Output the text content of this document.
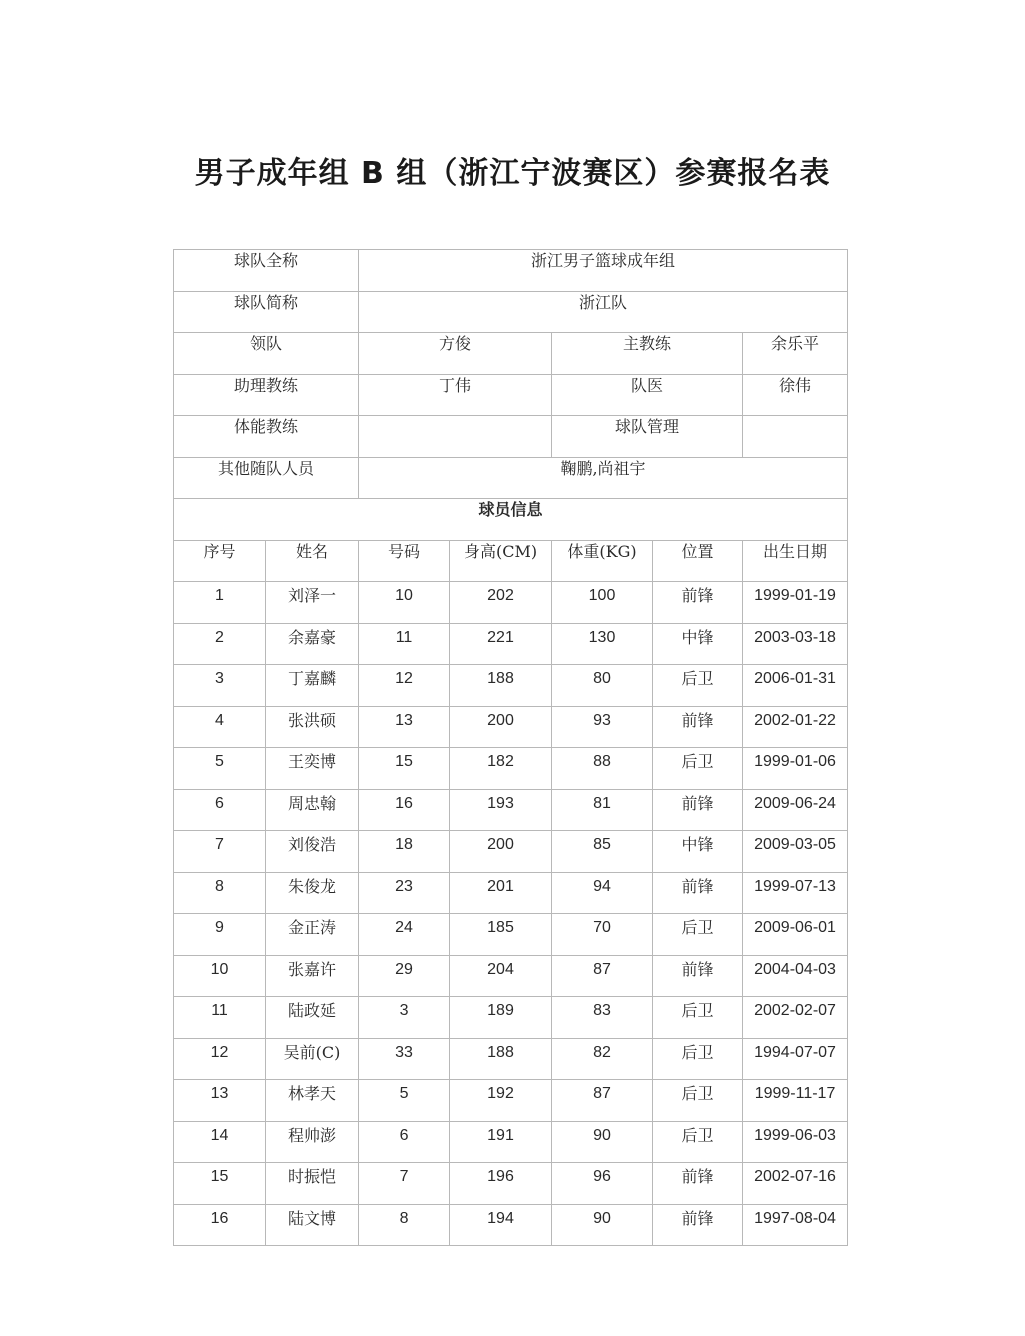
男子成年组 B 组（浙江宁波赛区）参赛报名表
球队全称		浙江男子篮球成年组				
球队简称		浙江队				
领队		方俊		主教练		余乐平
助理教练		丁伟		队医		徐伟
体能教练				球队管理		
其他随队人员		鞠鹏,尚祖宇				
球员信息						
序号	姓名	号码	身高(CM)	体重(KG)	位置	出生日期
1	刘泽一	10	202	100	前锋	1999-01-19
2	余嘉豪	11	221	130	中锋	2003-03-18
3	丁嘉麟	12	188	80	后卫	2006-01-31
4	张洪硕	13	200	93	前锋	2002-01-22
5	王奕博	15	182	88	后卫	1999-01-06
6	周忠翰	16	193	81	前锋	2009-06-24
7	刘俊浩	18	200	85	中锋	2009-03-05
8	朱俊龙	23	201	94	前锋	1999-07-13
9	金正涛	24	185	70	后卫	2009-06-01
10	张嘉许	29	204	87	前锋	2004-04-03
11	陆政延	3	189	83	后卫	2002-02-07
12	吴前(C)	33	188	82	后卫	1994-07-07
13	林孝天	5	192	87	后卫	1999-11-17
14	程帅澎	6	191	90	后卫	1999-06-03
15	时振恺	7	196	96	前锋	2002-07-16
16	陆文博	8	194	90	前锋	1997-08-04
